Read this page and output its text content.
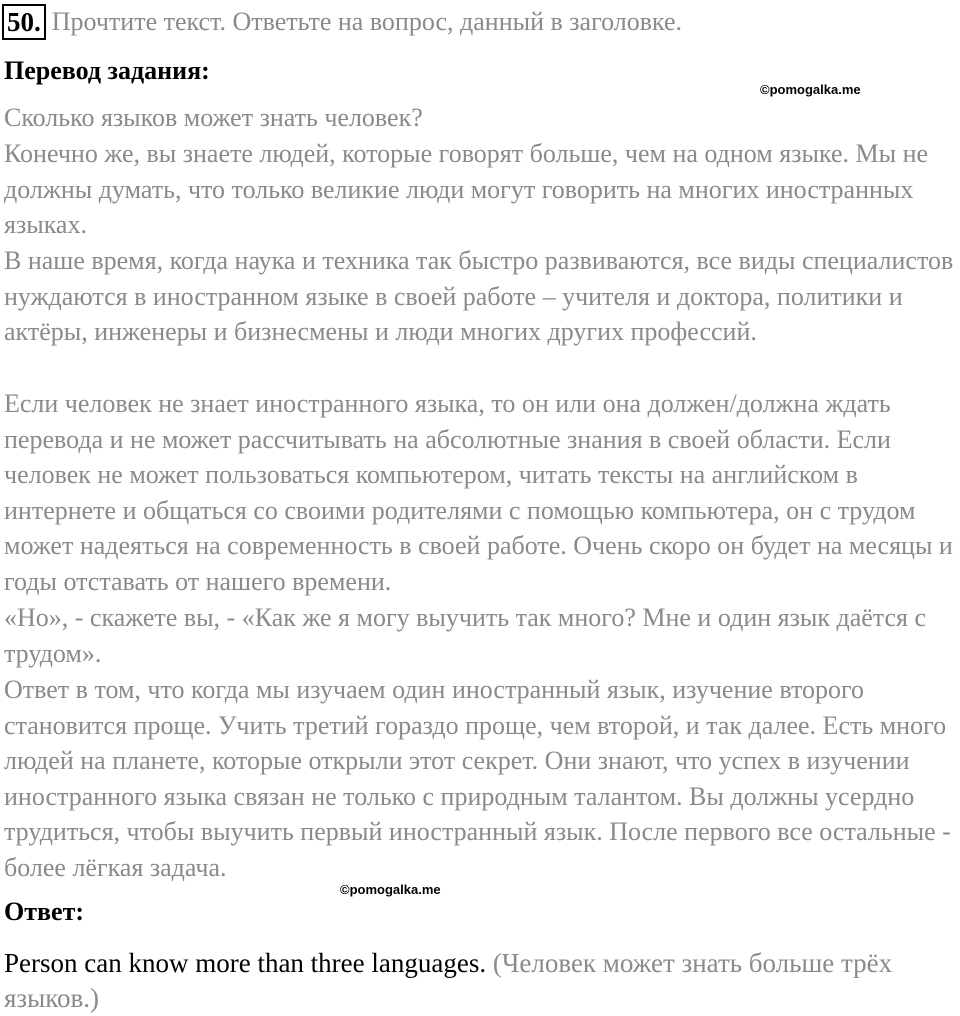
50. Прочтите текст. Ответьте на вопрос, данный в заголовке.
Перевод задания:
©pomogalka.me

Сколько языков может знать человек?

Конечно же, вы знаете людей, которые говорят больше, чем на одном языке. Мы не должны думать, что только великие люди могут говорить на многих иностранных языках.

В наше время, когда наука и техника так быстро развиваются, все виды специалистов нуждаются в иностранном языке в своей работе – учителя и доктора, политики и актёры, инженеры и бизнесмены и люди многих других профессий.

Если человек не знает иностранного языка, то он или она должен/должна ждать перевода и не может рассчитывать на абсолютные знания в своей области. Если человек не может пользоваться компьютером, читать тексты на английском в интернете и общаться со своими родителями с помощью компьютера, он с трудом может надеяться на современность в своей работе. Очень скоро он будет на месяцы и годы отставать от нашего времени.

«Но», - скажете вы, - «Как же я могу выучить так много? Мне и один язык даётся с трудом».

Ответ в том, что когда мы изучаем один иностранный язык, изучение второго становится проще. Учить третий гораздо проще, чем второй, и так далее. Есть много людей на планете, которые открыли этот секрет. Они знают, что успех в изучении иностранного языка связан не только с природным талантом. Вы должны усердно трудиться, чтобы выучить первый иностранный язык. После первого все остальные - более лёгкая задача.

©pomogalka.me
Ответ:

Person can know more than three languages. (Человек может знать больше трёх языков.)
